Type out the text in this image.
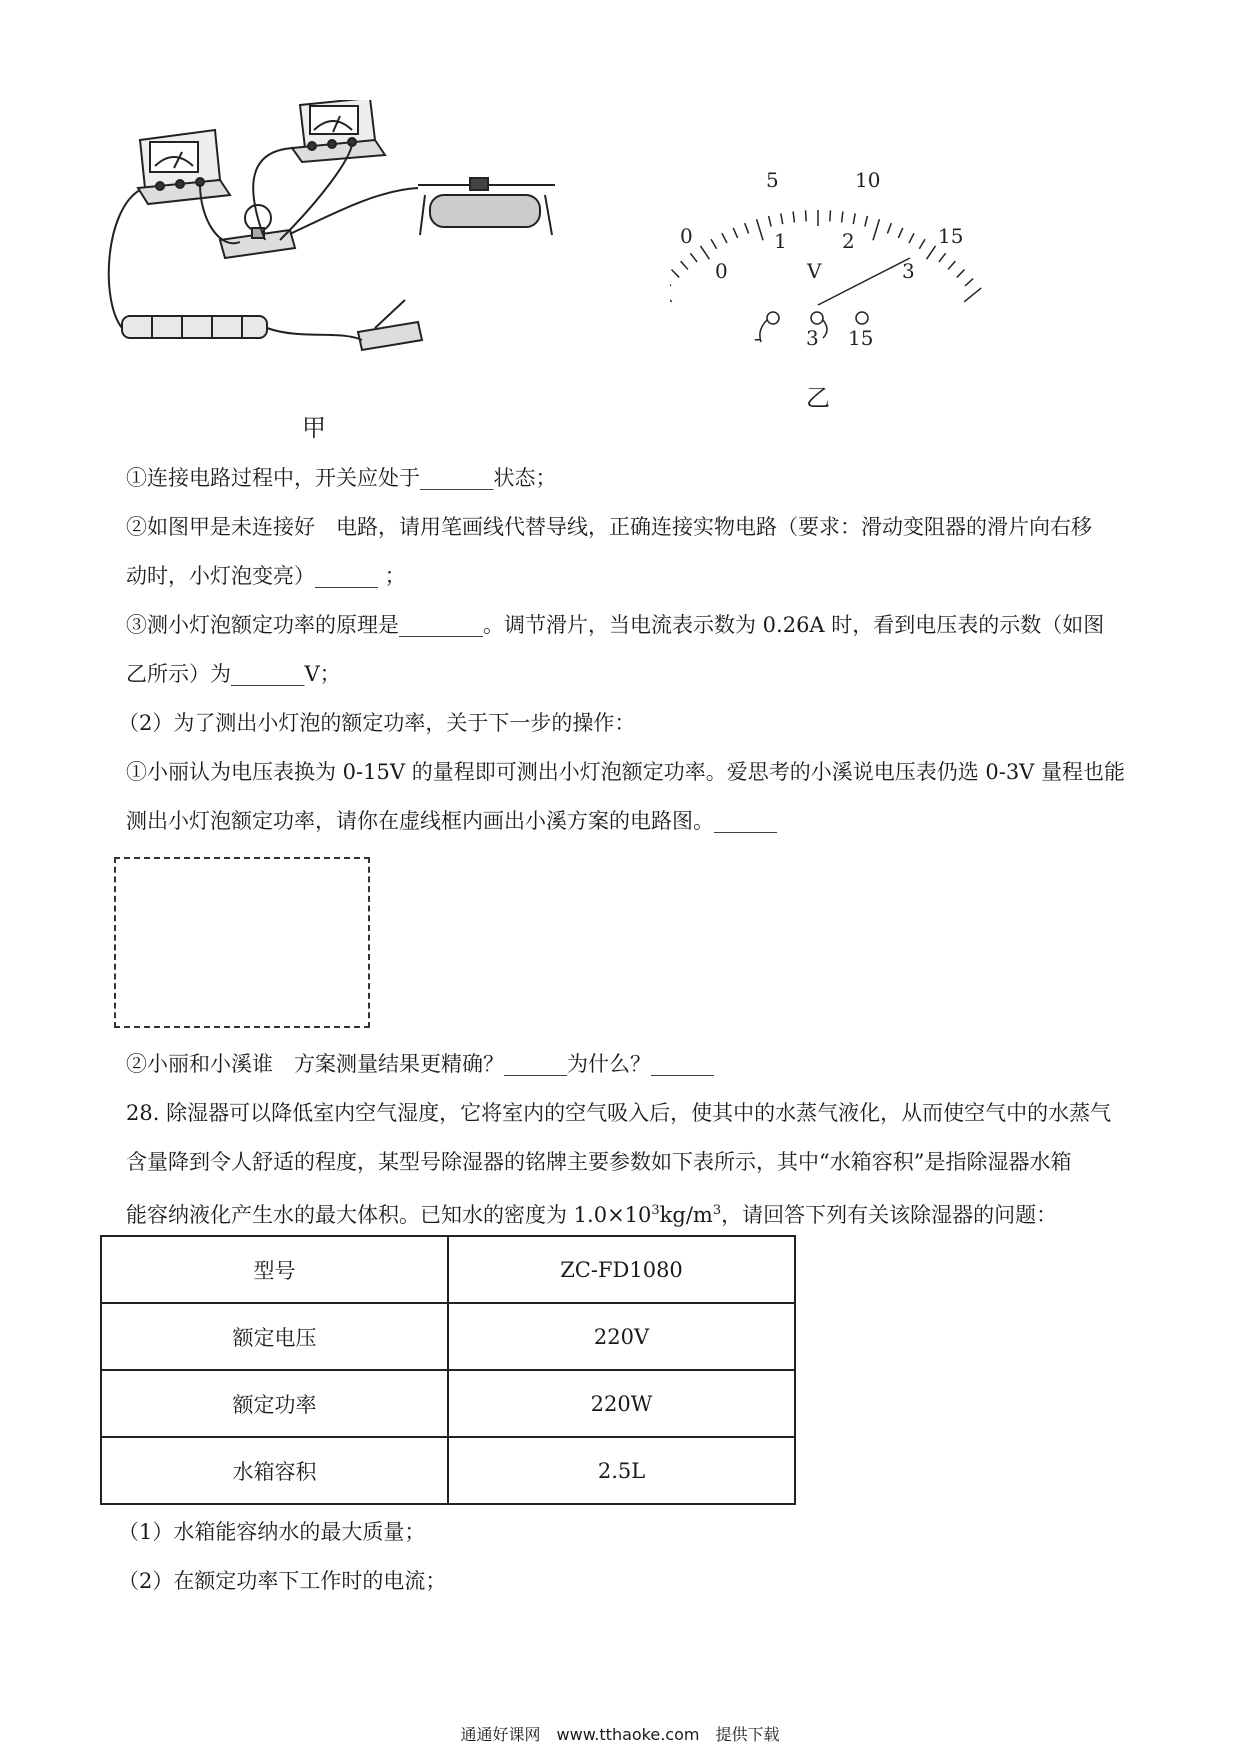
甲
0
5	10
15
0
1	2
3
V
- 3 15
乙
①连接电路过程中，开关应处于_______状态；
②如图甲是未连接好　电路，请用笔画线代替导线，正确连接实物电路（要求：滑动变阻器的滑片向右移
动时，小灯泡变亮）______ ；
③测小灯泡额定功率的原理是________。调节滑片，当电流表示数为 0.26A 时，看到电压表的示数（如图
乙所示）为_______V；
（2）为了测出小灯泡的额定功率，关于下一步的操作：
①小丽认为电压表换为 0-15V 的量程即可测出小灯泡额定功率。爱思考的小溪说电压表仍选 0-3V 量程也能
测出小灯泡额定功率，请你在虚线框内画出小溪方案的电路图。______
②小丽和小溪谁　方案测量结果更精确？______为什么？______
28. 除湿器可以降低室内空气湿度，它将室内的空气吸入后，使其中的水蒸气液化，从而使空气中的水蒸气
含量降到令人舒适的程度，某型号除湿器的铭牌主要参数如下表所示，其中“水箱容积”是指除湿器水箱
能容纳液化产生水的最大体积。已知水的密度为 $1.0\times 10^3kg/m^3$，请回答下列有关该除湿器的问题：
型号	ZC-FD1080
额定电压	220V
额定功率	220W
水箱容积	2.5L
（1）水箱能容纳水的最大质量；
（2）在额定功率下工作时的电流；
通通好课网　www.tthaoke.com　提供下载
